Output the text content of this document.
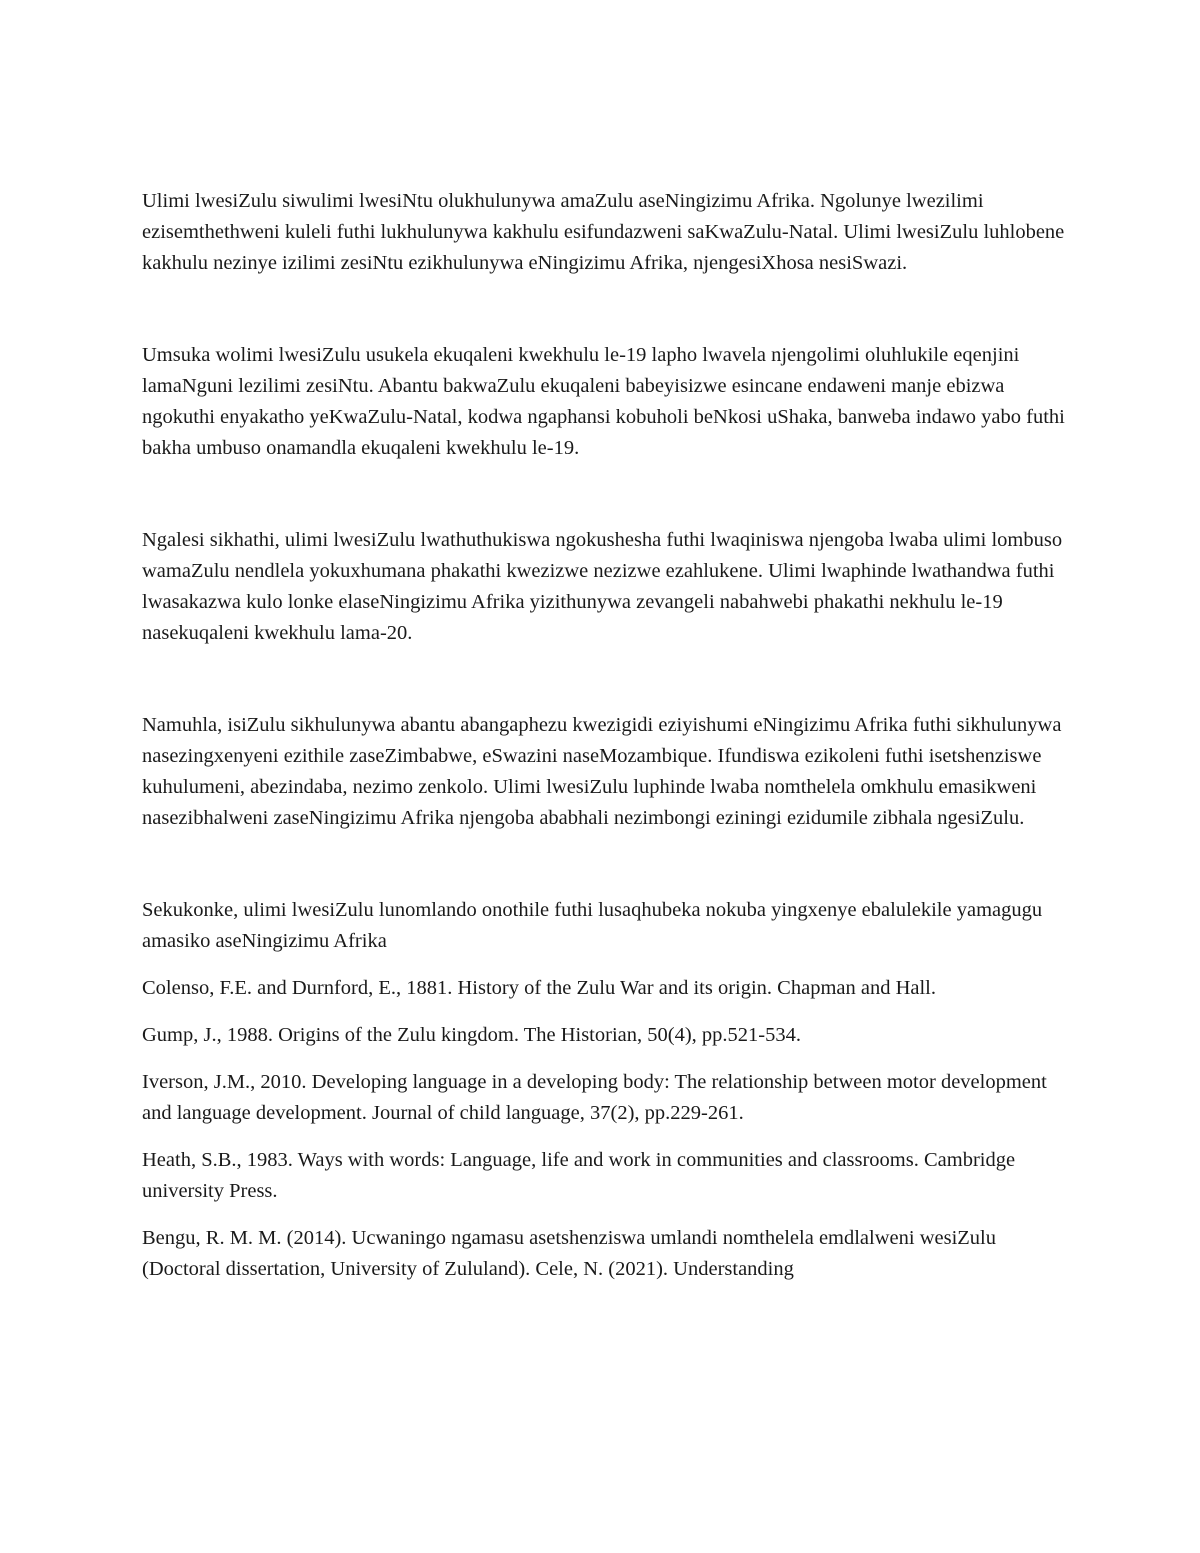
Ulimi lwesiZulu siwulimi lwesiNtu olukhulunywa amaZulu aseNingizimu Afrika. Ngolunye lwezilimi ezisemthethweni kuleli futhi lukhulunywa kakhulu esifundazweni saKwaZulu-Natal. Ulimi lwesiZulu luhlobene kakhulu nezinye izilimi zesiNtu ezikhulunywa eNingizimu Afrika, njengesiXhosa nesiSwazi.

Umsuka wolimi lwesiZulu usukela ekuqaleni kwekhulu le-19 lapho lwavela njengolimi oluhlukile eqenjini lamaNguni lezilimi zesiNtu. Abantu bakwaZulu ekuqaleni babeyisizwe esincane endaweni manje ebizwa ngokuthi enyakatho yeKwaZulu-Natal, kodwa ngaphansi kobuholi beNkosi uShaka, banweba indawo yabo futhi bakha umbuso onamandla ekuqaleni kwekhulu le-19.

Ngalesi sikhathi, ulimi lwesiZulu lwathuthukiswa ngokushesha futhi lwaqiniswa njengoba lwaba ulimi lombuso wamaZulu nendlela yokuxhumana phakathi kwezizwe nezizwe ezahlukene. Ulimi lwaphinde lwathandwa futhi lwasakazwa kulo lonke elaseNingizimu Afrika yizithunywa zevangeli nabahwebi phakathi nekhulu le-19 nasekuqaleni kwekhulu lama-20.

Namuhla, isiZulu sikhulunywa abantu abangaphezu kwezigidi eziyishumi eNingizimu Afrika futhi sikhulunywa nasezingxenyeni ezithile zaseZimbabwe, eSwazini naseMozambique. Ifundiswa ezikoleni futhi isetshenziswe kuhulumeni, abezindaba, nezimo zenkolo. Ulimi lwesiZulu luphinde lwaba nomthelela omkhulu emasikweni nasezibhalweni zaseNingizimu Afrika njengoba ababhali nezimbongi eziningi ezidumile zibhala ngesiZulu.

Sekukonke, ulimi lwesiZulu lunomlando onothile futhi lusaqhubeka nokuba yingxenye ebalulekile yamagugu amasiko aseNingizimu Afrika

Colenso, F.E. and Durnford, E., 1881. History of the Zulu War and its origin. Chapman and Hall.

Gump, J., 1988. Origins of the Zulu kingdom. The Historian, 50(4), pp.521-534.

Iverson, J.M., 2010. Developing language in a developing body: The relationship between motor development and language development. Journal of child language, 37(2), pp.229-261.

Heath, S.B., 1983. Ways with words: Language, life and work in communities and classrooms. Cambridge university Press.

Bengu, R. M. M. (2014). Ucwaningo ngamasu asetshenziswa umlandi nomthelela emdlalweni wesiZulu (Doctoral dissertation, University of Zululand). Cele, N. (2021). Understanding
